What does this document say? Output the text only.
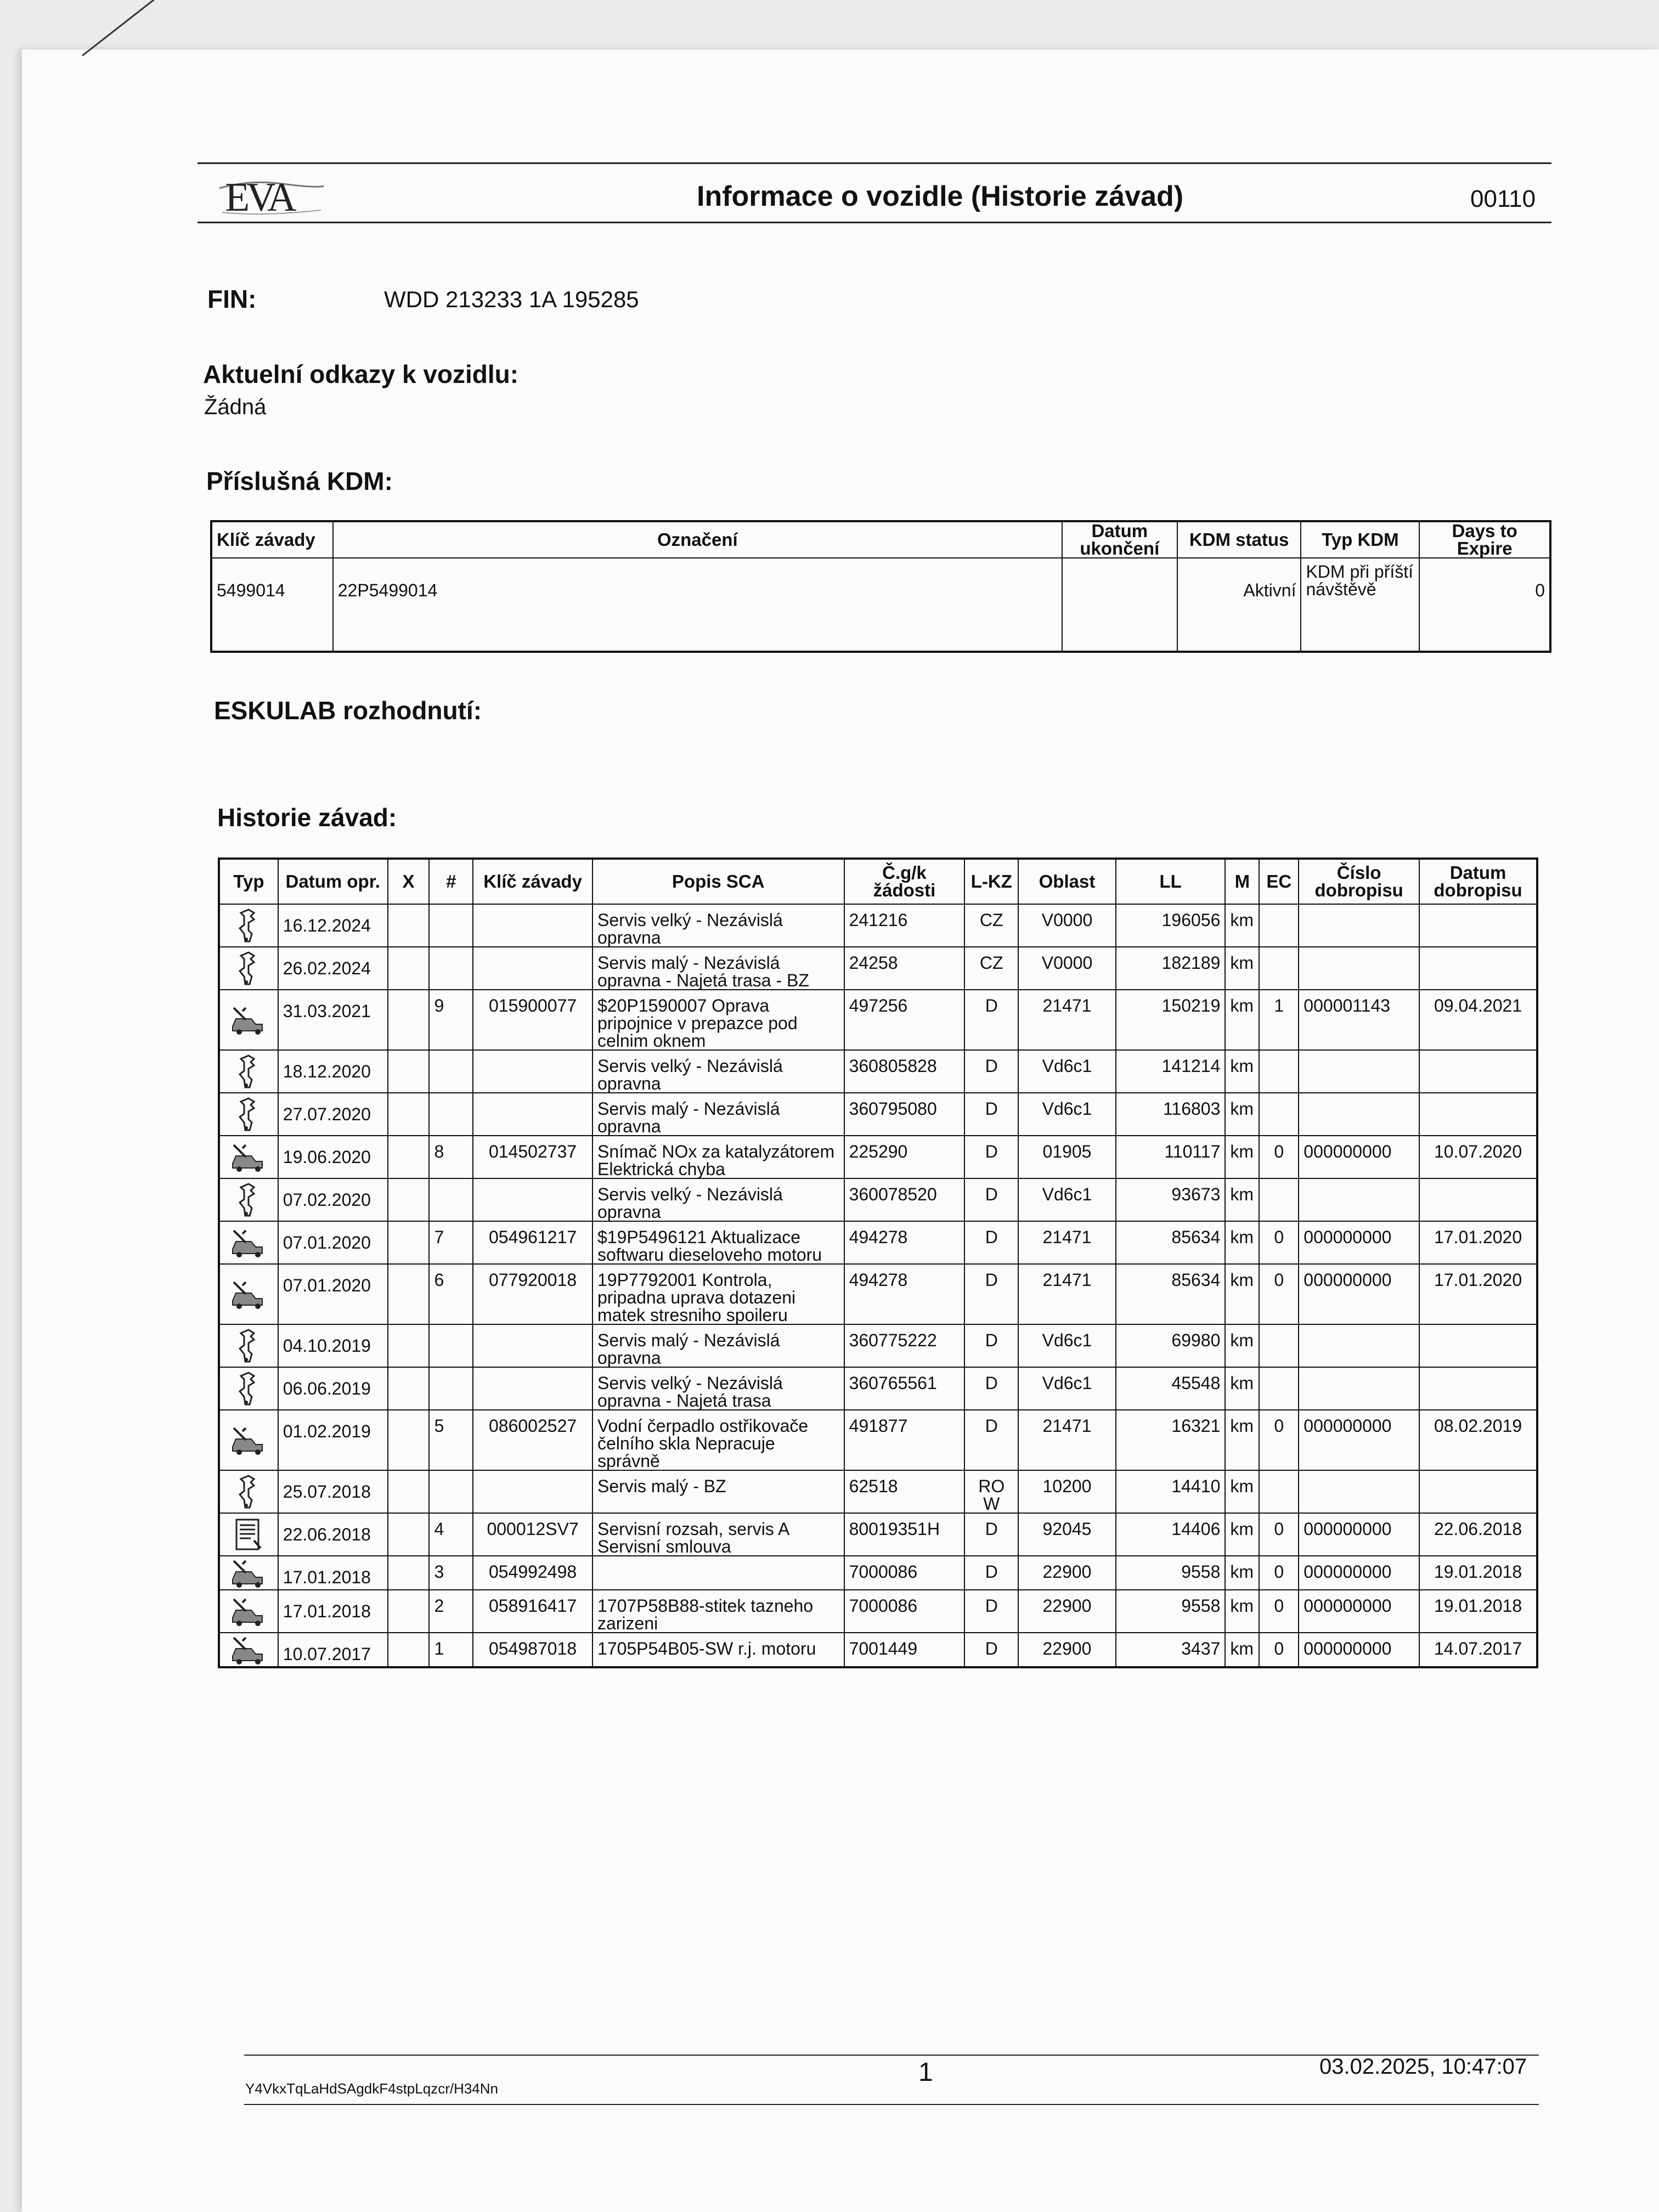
EVA	Informace o vozidle (Historie závad)	00110
FIN:	WDD 213233 1A 195285
Aktuelní odkazy k vozidlu:
Žádná
Příslušná KDM:
Klíč závady	Označení	Datum ukončení	KDM status	Typ KDM	Days to Expire
5499014	22P5499014		Aktivní	KDM při příští návštěvě	0
ESKULAB rozhodnutí:
Historie závad:
Typ	Datum opr.	X	#	Klíč závady	Popis SCA	Č.g/k žádosti	L-KZ	Oblast	LL	M	EC	Číslo dobropisu	Datum dobropisu

	16.12.2024				Servis velký - Nezávislá opravna	241216	CZ	V0000	196056	km			

	26.02.2024				Servis malý - Nezávislá opravna - Najetá trasa - BZ	24258	CZ	V0000	182189	km			

	31.03.2021		9	015900077	$20P1590007 Oprava pripojnice v prepazce pod celnim oknem	497256	D	21471	150219	km	1	000001143	09.04.2021

	18.12.2020				Servis velký - Nezávislá opravna	360805828	D	Vd6c1	141214	km			

	27.07.2020				Servis malý - Nezávislá opravna	360795080	D	Vd6c1	116803	km			

	19.06.2020		8	014502737	Snímač NOx za katalyzátorem Elektrická chyba	225290	D	01905	110117	km	0	000000000	10.07.2020

	07.02.2020				Servis velký - Nezávislá opravna	360078520	D	Vd6c1	93673	km			

	07.01.2020		7	054961217	$19P5496121 Aktualizace softwaru dieseloveho motoru	494278	D	21471	85634	km	0	000000000	17.01.2020

	07.01.2020		6	077920018	19P7792001 Kontrola, pripadna uprava dotazeni matek stresniho spoileru	494278	D	21471	85634	km	0	000000000	17.01.2020

	04.10.2019				Servis malý - Nezávislá opravna	360775222	D	Vd6c1	69980	km			

	06.06.2019				Servis velký - Nezávislá opravna - Najetá trasa	360765561	D	Vd6c1	45548	km			

	01.02.2019		5	086002527	Vodní čerpadlo ostřikovače čelního skla Nepracuje správně	491877	D	21471	16321	km	0	000000000	08.02.2019

	25.07.2018				Servis malý - BZ	62518	RO W	10200	14410	km			

	22.06.2018		4	000012SV7	Servisní rozsah, servis A Servisní smlouva	80019351H	D	92045	14406	km	0	000000000	22.06.2018

	17.01.2018		3	054992498		7000086	D	22900	9558	km	0	000000000	19.01.2018

	17.01.2018		2	058916417	1707P58B88-stitek tazneho zarizeni	7000086	D	22900	9558	km	0	000000000	19.01.2018

	10.07.2017		1	054987018	1705P54B05-SW r.j. motoru	7001449	D	22900	3437	km	0	000000000	14.07.2017
Y4VkxTqLaHdSAgdkF4stpLqzcr/H34Nn
1	03.02.2025, 10:47:07
